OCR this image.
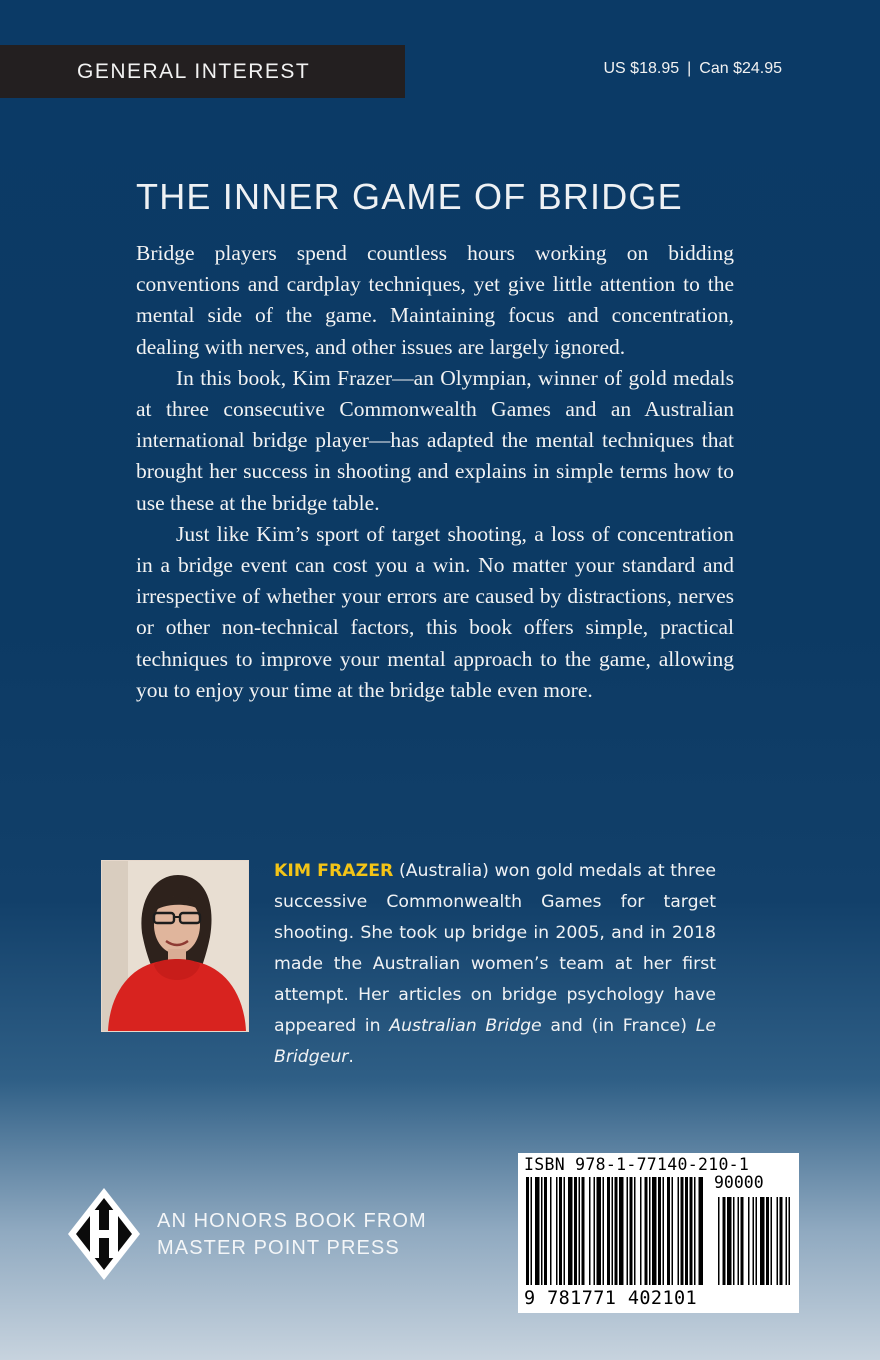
GENERAL INTEREST	US $18.95 | Can $24.95
THE INNER GAME OF BRIDGE

Bridge players spend countless hours working on bidding conventions and cardplay techniques, yet give little attention to the mental side of the game. Maintaining focus and concentration, dealing with nerves, and other issues are largely ignored.

In this book, Kim Frazer—an Olympian, winner of gold medals at three consecutive Commonwealth Games and an Australian international bridge player—has adapted the mental techniques that brought her success in shooting and explains in simple terms how to use these at the bridge table.

Just like Kim’s sport of target shooting, a loss of concentration in a bridge event can cost you a win. No matter your standard and irrespective of whether your errors are caused by distractions, nerves or other non-technical factors, this book offers simple, practical techniques to improve your mental approach to the game, allowing you to enjoy your time at the bridge table even more.

KIM FRAZER (Australia) won gold medals at three successive Commonwealth Games for target shooting. She took up bridge in 2005, and in 2018 made the Australian women’s team at her first attempt. Her articles on bridge psychology have appeared in Australian Bridge and (in France) Le Bridgeur.
AN HONORS BOOK FROM
MASTER POINT PRESS
ISBN 978-1-77140-210-1
90000
9 781771 402101
